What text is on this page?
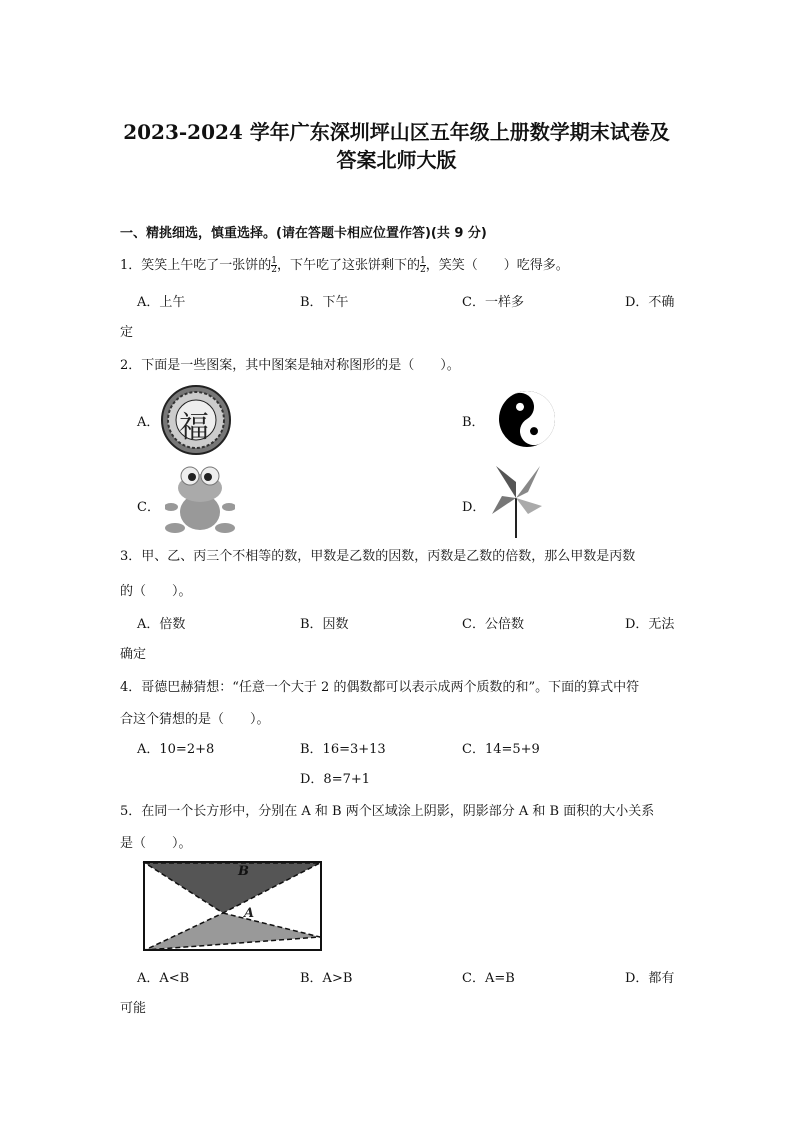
2023-2024 学年广东深圳坪山区五年级上册数学期末试卷及
答案北师大版
一、精挑细选，慎重选择。(请在答题卡相应位置作答)(共 9 分)
1．笑笑上午吃了一张饼的 $\frac{1}{2}$ ，下午吃了这张饼剩下的 $\frac{1}{2}$ ，笑笑（　　）吃得多。
A．上午	B．下午	C．一样多	D．不确
定
2．下面是一些图案，其中图案是轴对称图形的是（　　）。
A．	B．
C．	D．
福
3．甲、乙、丙三个不相等的数，甲数是乙数的因数，丙数是乙数的倍数，那么甲数是丙数
的（　　）。
A．倍数	B．因数	C．公倍数	D．无法
确定
4．哥德巴赫猜想：“任意一个大于 2 的偶数都可以表示成两个质数的和”。下面的算式中符
合这个猜想的是（　　）。
A．10=2+8	B．16=3+13	C．14=5+9
D．8=7+1
5．在同一个长方形中，分别在 A 和 B 两个区域涂上阴影，阴影部分 A 和 B 面积的大小关系
是（　　）。
B
A
A．A<B	B．A>B	C．A=B	D．都有
可能
